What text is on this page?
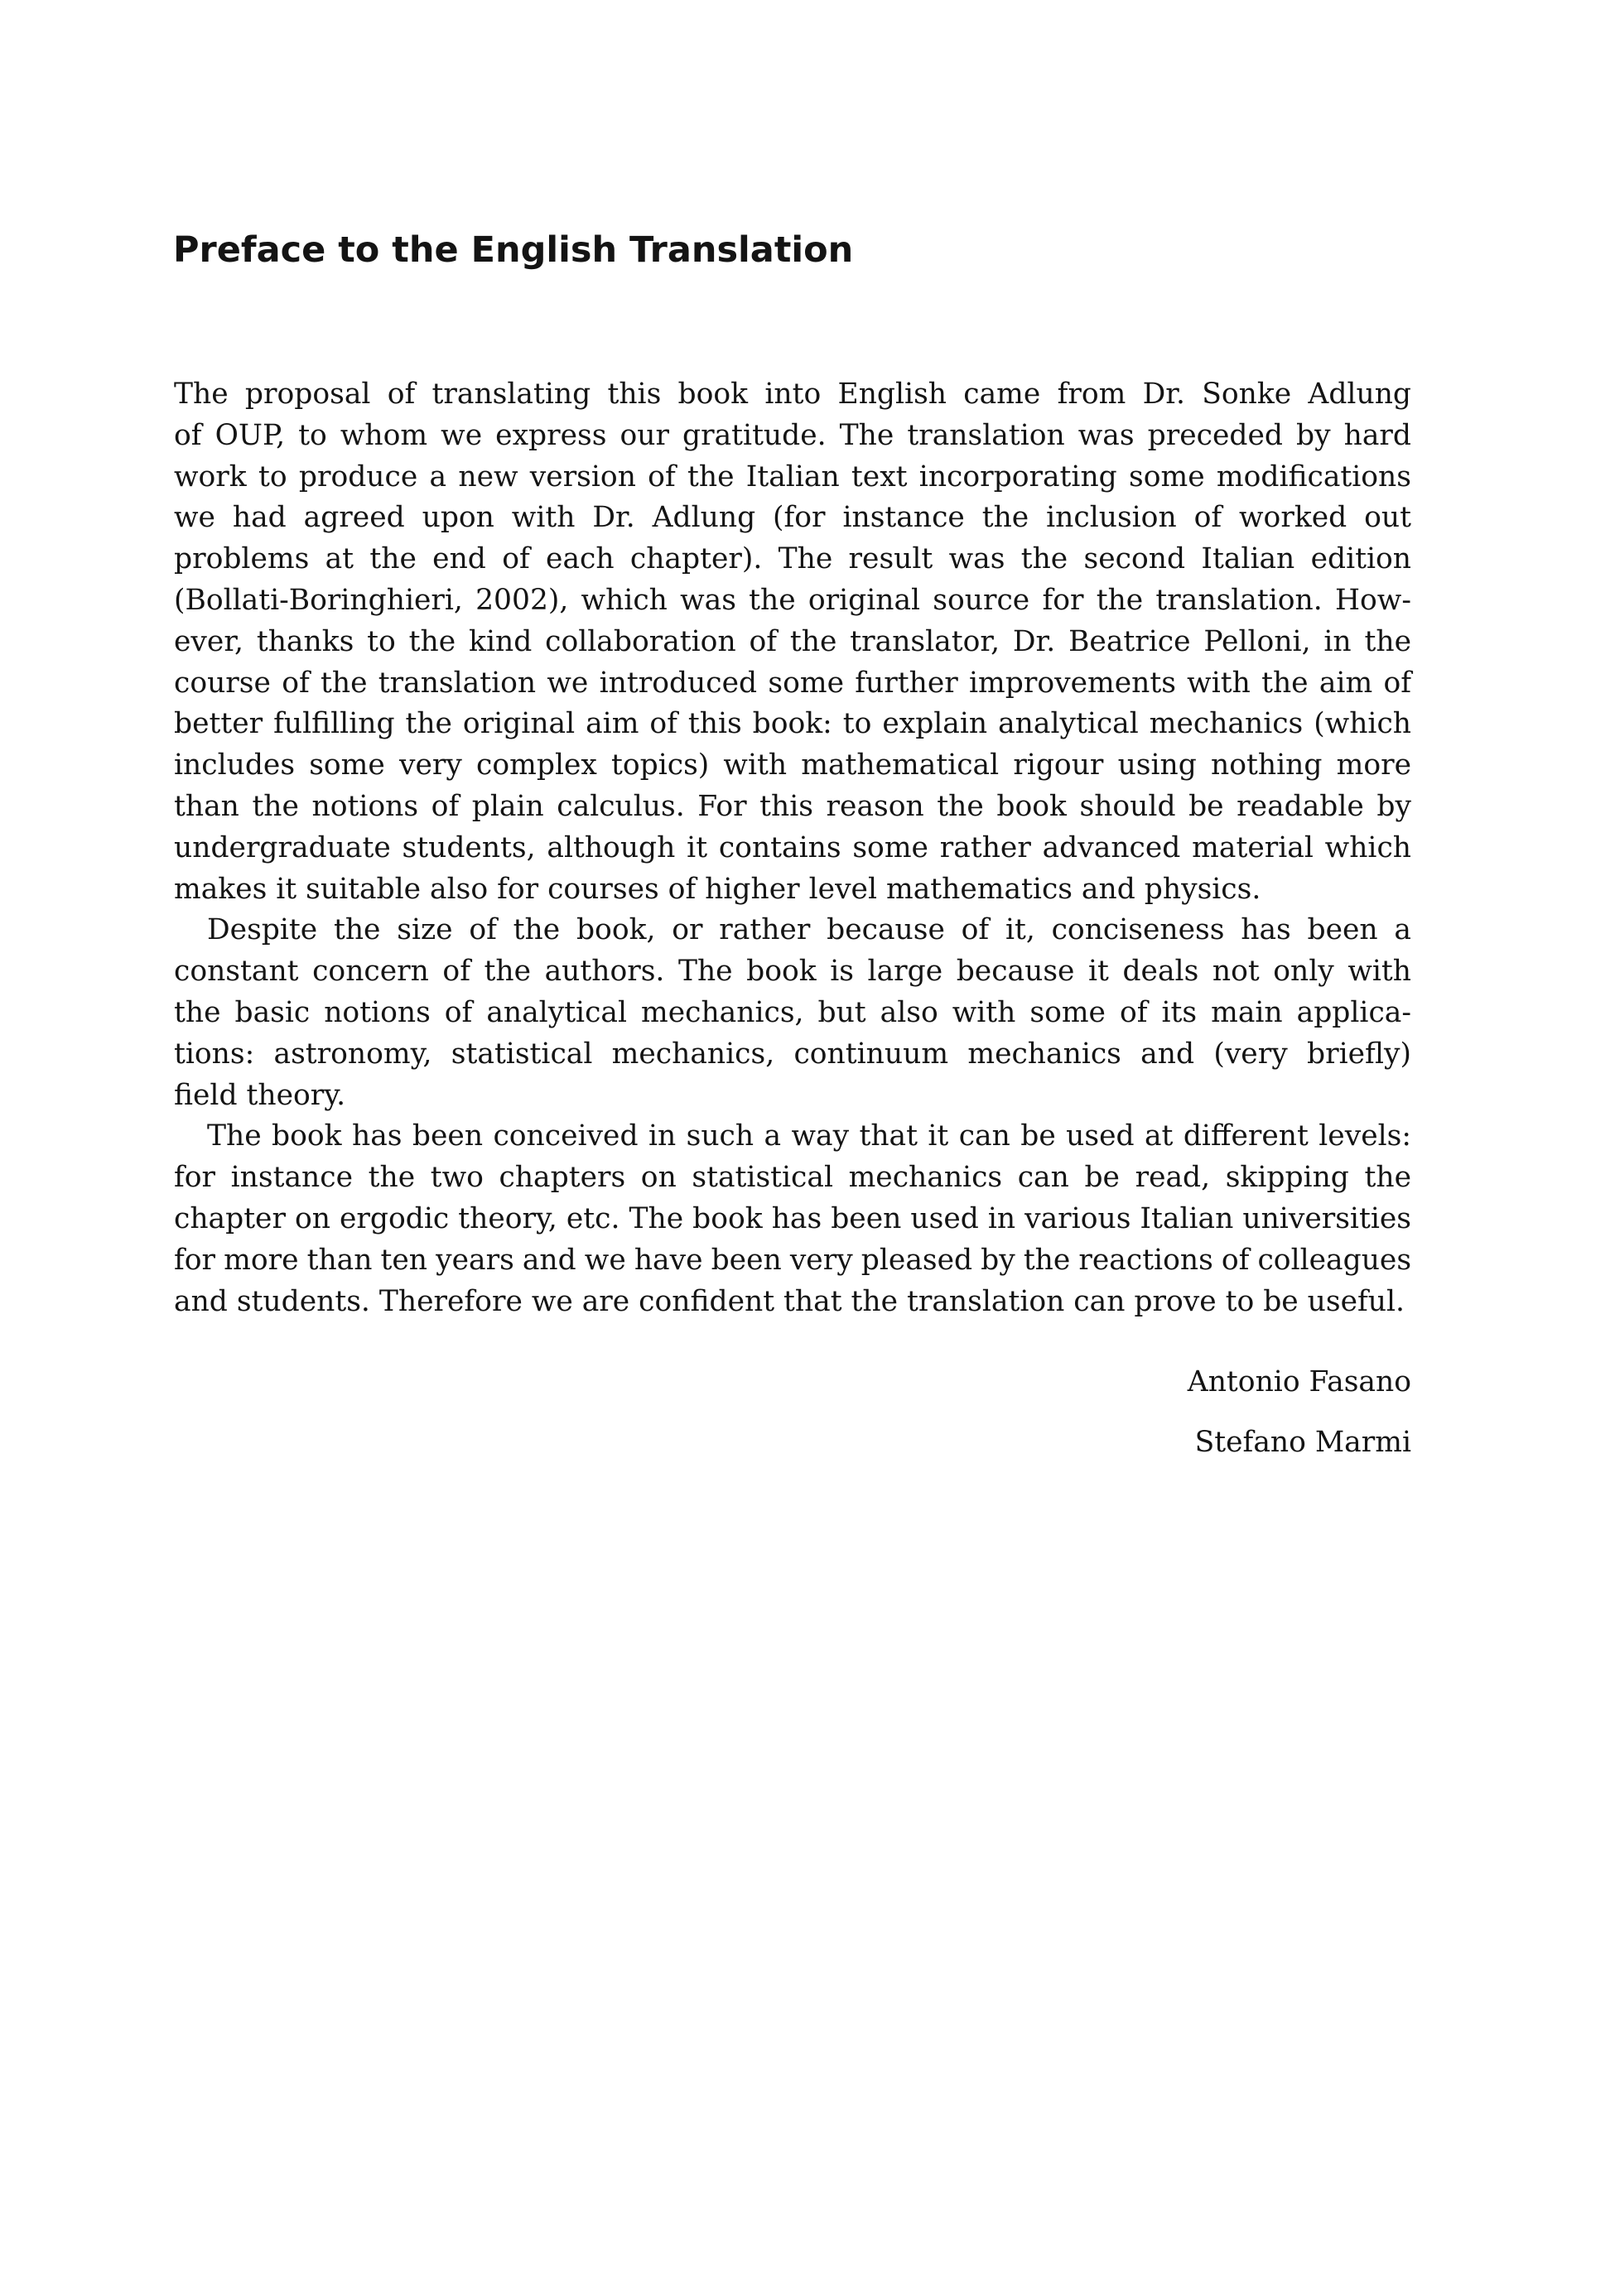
Preface to the English Translation
The proposal of translating this book into English came from Dr. Sonke Adlung
of OUP, to whom we express our gratitude. The translation was preceded by hard
work to produce a new version of the Italian text incorporating some modifications
we had agreed upon with Dr. Adlung (for instance the inclusion of worked out
problems at the end of each chapter). The result was the second Italian edition
(Bollati-Boringhieri, 2002), which was the original source for the translation. How-
ever, thanks to the kind collaboration of the translator, Dr. Beatrice Pelloni, in the
course of the translation we introduced some further improvements with the aim of
better fulfilling the original aim of this book: to explain analytical mechanics (which
includes some very complex topics) with mathematical rigour using nothing more
than the notions of plain calculus. For this reason the book should be readable by
undergraduate students, although it contains some rather advanced material which
makes it suitable also for courses of higher level mathematics and physics.
Despite the size of the book, or rather because of it, conciseness has been a
constant concern of the authors. The book is large because it deals not only with
the basic notions of analytical mechanics, but also with some of its main applica-
tions: astronomy, statistical mechanics, continuum mechanics and (very briefly)
field theory.
The book has been conceived in such a way that it can be used at different levels:
for instance the two chapters on statistical mechanics can be read, skipping the
chapter on ergodic theory, etc. The book has been used in various Italian universities
for more than ten years and we have been very pleased by the reactions of colleagues
and students. Therefore we are confident that the translation can prove to be useful.
Antonio Fasano
Stefano Marmi
